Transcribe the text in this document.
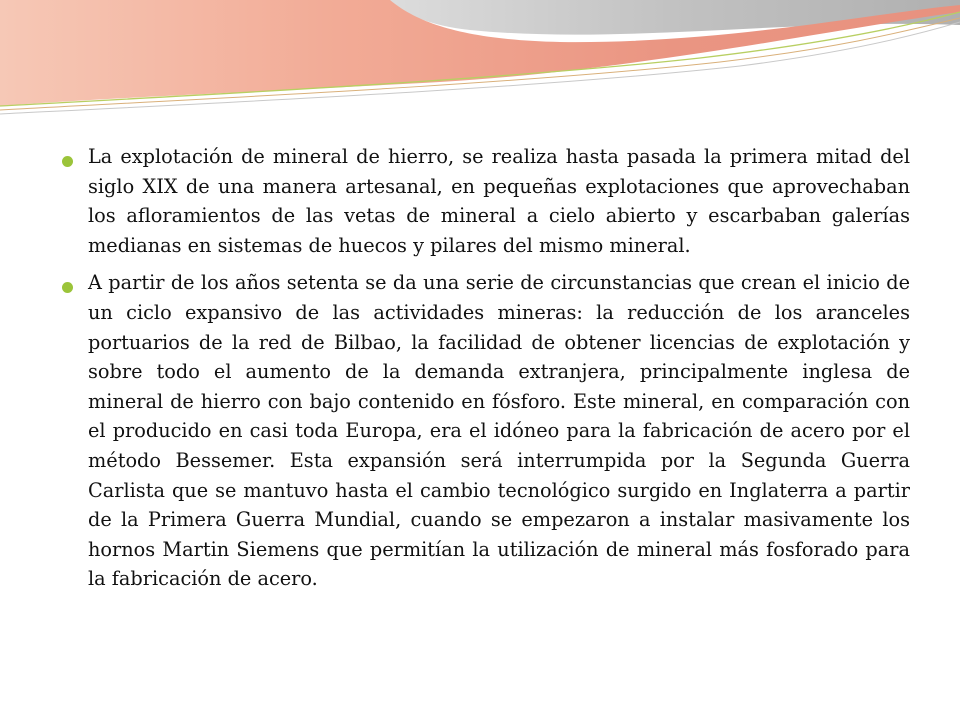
La explotación de mineral de hierro, se realiza hasta pasada la primera mitad del siglo XIX de una manera artesanal, en pequeñas explotaciones que aprovechaban los afloramientos de las vetas de mineral a cielo abierto y escarbaban galerías medianas en sistemas de huecos y pilares del mismo mineral.

A partir de los años setenta se da una serie de circunstancias que crean el inicio de un ciclo expansivo de las actividades mineras: la reducción de los aranceles portuarios de la red de Bilbao, la facilidad de obtener licencias de explotación y sobre todo el aumento de la demanda extranjera, principalmente inglesa de mineral de hierro con bajo contenido en fósforo. Este mineral, en comparación con el producido en casi toda Europa, era el idóneo para la fabricación de acero por el método Bessemer. Esta expansión será interrumpida por la Segunda Guerra Carlista que se mantuvo hasta el cambio tecnológico surgido en Inglaterra a partir de la Primera Guerra Mundial, cuando se empezaron a instalar masivamente los hornos Martin Siemens que permitían la utilización de mineral más fosforado para la fabricación de acero.
